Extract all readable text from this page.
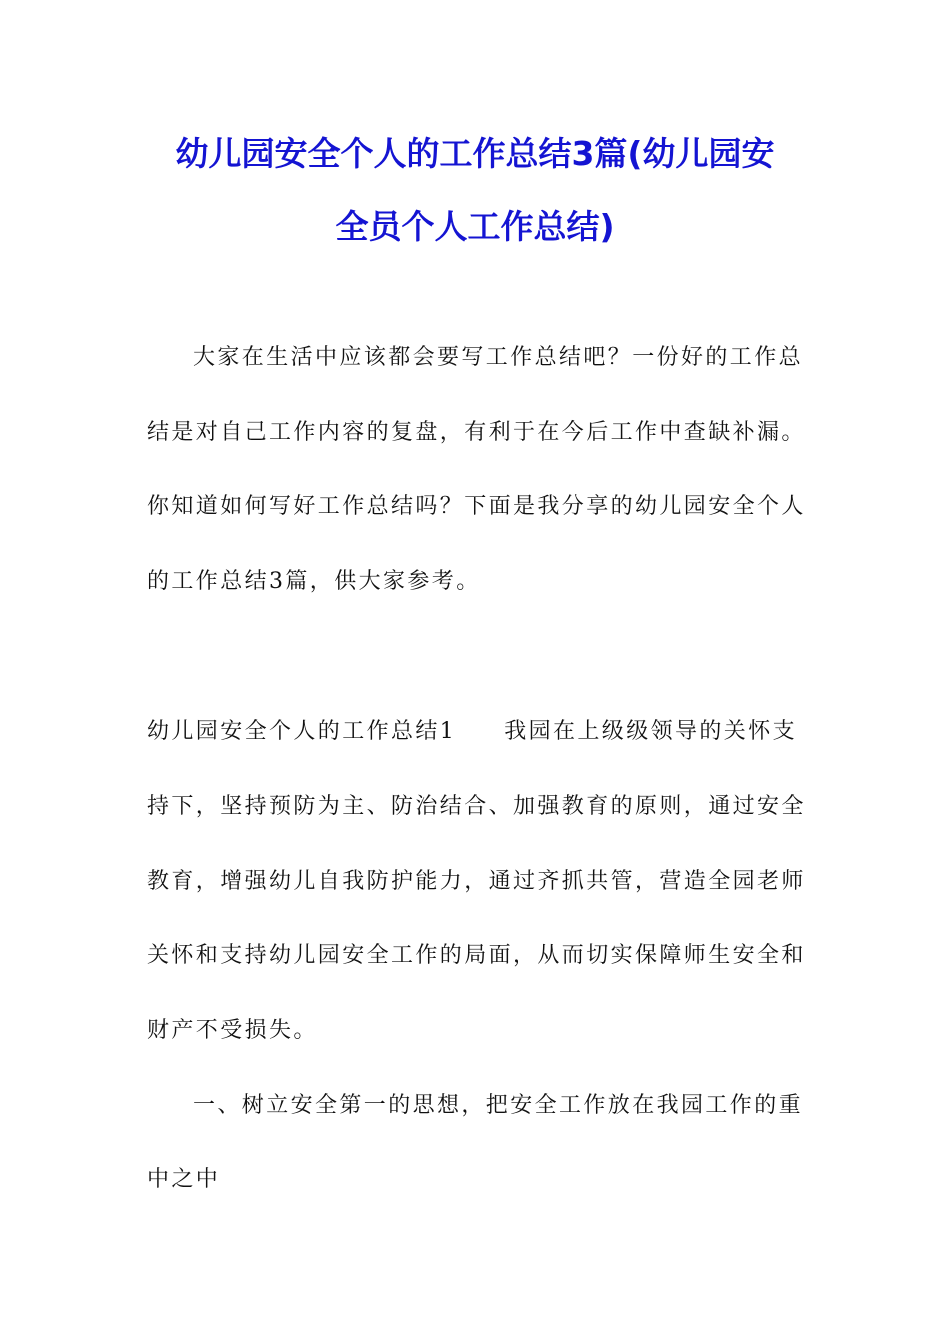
幼儿园安全个人的工作总结3篇(幼儿园安
全员个人工作总结)
大家在生活中应该都会要写工作总结吧？一份好的工作总
结是对自己工作内容的复盘，有利于在今后工作中查缺补漏。
你知道如何写好工作总结吗？下面是我分享的幼儿园安全个人
的工作总结3篇，供大家参考。
幼儿园安全个人的工作总结1 我园在上级级领导的关怀支
持下，坚持预防为主、防治结合、加强教育的原则，通过安全
教育，增强幼儿自我防护能力，通过齐抓共管，营造全园老师
关怀和支持幼儿园安全工作的局面，从而切实保障师生安全和
财产不受损失。
一、树立安全第一的思想，把安全工作放在我园工作的重
中之中
